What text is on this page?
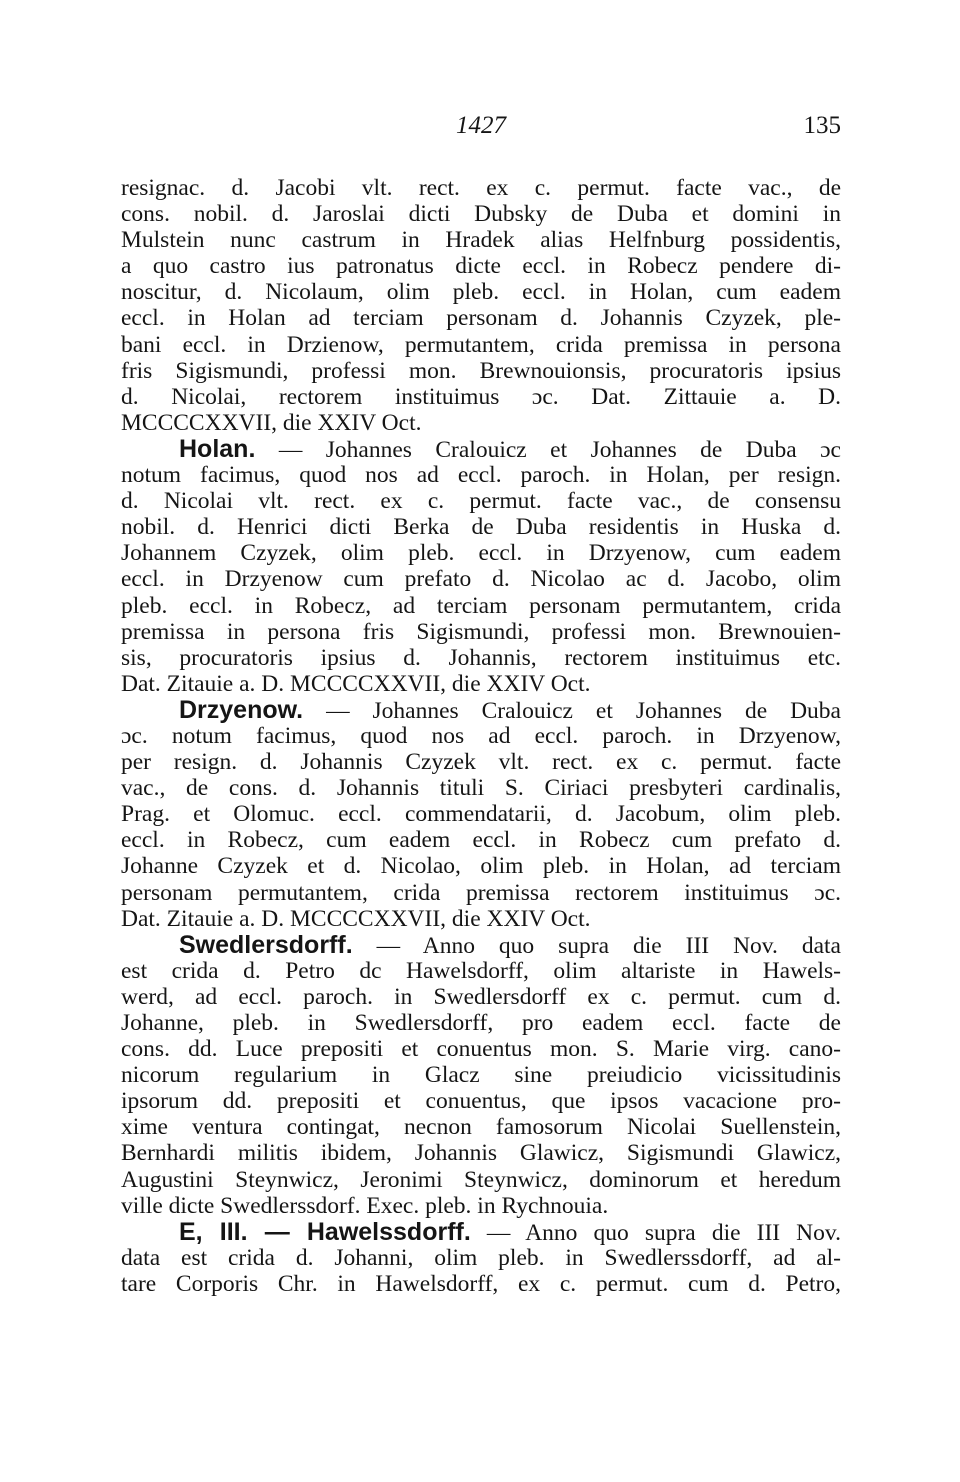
1427	135
resignac. d. Jacobi vlt. rect. ex c. permut. facte vac., de
cons. nobil. d. Jaroslai dicti Dubsky de Duba et domini in
Mulstein nunc castrum in Hradek alias Helfnburg possidentis,
a quo castro ius patronatus dicte eccl. in Robecz pendere di-
noscitur, d. Nicolaum, olim pleb. eccl. in Holan, cum eadem
eccl. in Holan ad terciam personam d. Johannis Czyzek, ple-
bani eccl. in Drzienow, permutantem, crida premissa in persona
fris Sigismundi, professi mon. Brewnouionsis, procuratoris ipsius
d. Nicolai, rectorem instituimus ɔc. Dat. Zittauie a. D.
MCCCCXXVII, die XXIV Oct.
Holan. — Johannes Cralouicz et Johannes de Duba ɔc
notum facimus, quod nos ad eccl. paroch. in Holan, per resign.
d. Nicolai vlt. rect. ex c. permut. facte vac., de consensu
nobil. d. Henrici dicti Berka de Duba residentis in Huska d.
Johannem Czyzek, olim pleb. eccl. in Drzyenow, cum eadem
eccl. in Drzyenow cum prefato d. Nicolao ac d. Jacobo, olim
pleb. eccl. in Robecz, ad terciam personam permutantem, crida
premissa in persona fris Sigismundi, professi mon. Brewnouien-
sis, procuratoris ipsius d. Johannis, rectorem instituimus etc.
Dat. Zitauie a. D. MCCCCXXVII, die XXIV Oct.
Drzyenow. — Johannes Cralouicz et Johannes de Duba
ɔc. notum facimus, quod nos ad eccl. paroch. in Drzyenow,
per resign. d. Johannis Czyzek vlt. rect. ex c. permut. facte
vac., de cons. d. Johannis tituli S. Ciriaci presbyteri cardinalis,
Prag. et Olomuc. eccl. commendatarii, d. Jacobum, olim pleb.
eccl. in Robecz, cum eadem eccl. in Robecz cum prefato d.
Johanne Czyzek et d. Nicolao, olim pleb. in Holan, ad terciam
personam permutantem, crida premissa rectorem instituimus ɔc.
Dat. Zitauie a. D. MCCCCXXVII, die XXIV Oct.
Swedlersdorff. — Anno quo supra die III Nov. data
est crida d. Petro dc Hawelsdorff, olim altariste in Hawels-
werd, ad eccl. paroch. in Swedlersdorff ex c. permut. cum d.
Johanne, pleb. in Swedlersdorff, pro eadem eccl. facte de
cons. dd. Luce prepositi et conuentus mon. S. Marie virg. cano-
nicorum regularium in Glacz sine preiudicio vicissitudinis
ipsorum dd. prepositi et conuentus, que ipsos vacacione pro-
xime ventura contingat, necnon famosorum Nicolai Suellenstein,
Bernhardi militis ibidem, Johannis Glawicz, Sigismundi Glawicz,
Augustini Steynwicz, Jeronimi Steynwicz, dominorum et heredum
ville dicte Swedlerssdorf. Exec. pleb. in Rychnouia.
E, III. — Hawelssdorff. — Anno quo supra die III Nov.
data est crida d. Johanni, olim pleb. in Swedlerssdorff, ad al-
tare Corporis Chr. in Hawelsdorff, ex c. permut. cum d. Petro,
